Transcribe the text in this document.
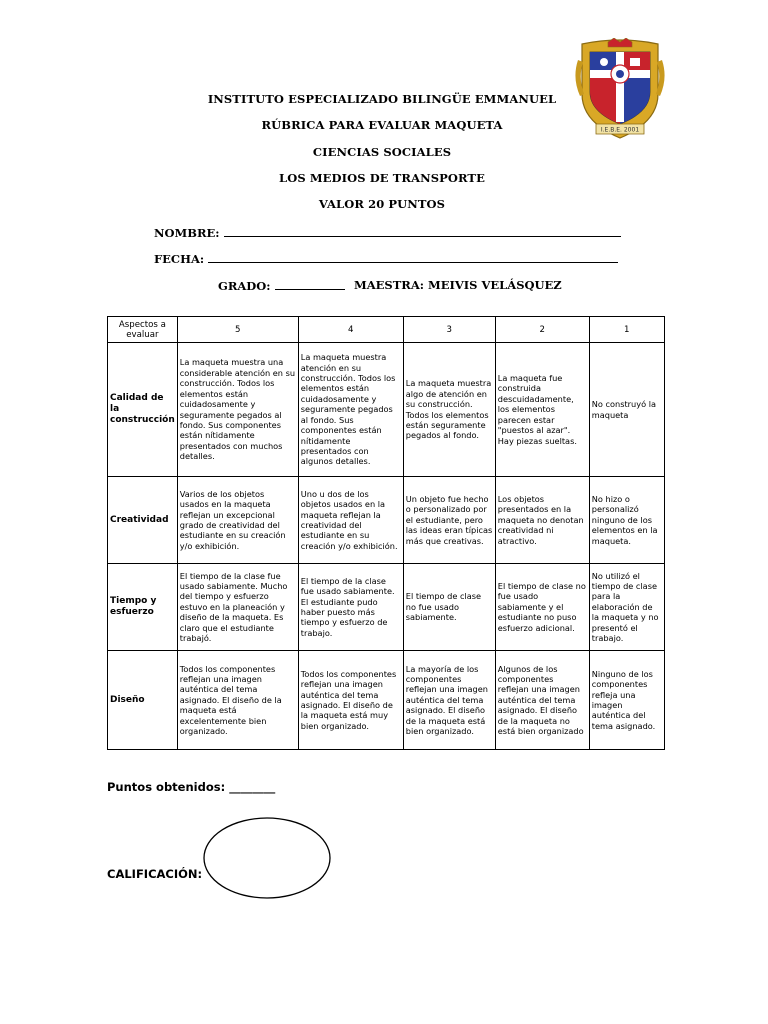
I.E.B.E. 2001
INSTITUTO ESPECIALIZADO BILINGÜE EMMANUEL
RÚBRICA PARA EVALUAR MAQUETA
CIENCIAS SOCIALES
LOS MEDIOS DE TRANSPORTE
VALOR 20 PUNTOS
NOMBRE:
FECHA:
GRADO:	MAESTRA: MEIVIS VELÁSQUEZ
Aspectos a evaluar	5	4	3	2	1
Calidad de la construcción	La maqueta muestra una considerable atención en su construcción. Todos los elementos están cuidadosamente y seguramente pegados al fondo. Sus componentes están nítidamente presentados con muchos detalles.	La maqueta muestra atención en su construcción. Todos los elementos están cuidadosamente y seguramente pegados al fondo. Sus componentes están nítidamente presentados con algunos detalles.	La maqueta muestra algo de atención en su construcción. Todos los elementos están seguramente pegados al fondo.	La maqueta fue construida descuidadamente, los elementos parecen estar "puestos al azar". Hay piezas sueltas.	No construyó la maqueta
Creatividad	Varios de los objetos usados en la maqueta reflejan un excepcional grado de creatividad del estudiante en su creación y/o exhibición.	Uno u dos de los objetos usados en la maqueta reflejan la creatividad del estudiante en su creación y/o exhibición.	Un objeto fue hecho o personalizado por el estudiante, pero las ideas eran típicas más que creativas.	Los objetos presentados en la maqueta no denotan creatividad ni atractivo.	No hizo o personalizó ninguno de los elementos en la maqueta.
Tiempo y esfuerzo	El tiempo de la clase fue usado sabiamente. Mucho del tiempo y esfuerzo estuvo en la planeación y diseño de la maqueta. Es claro que el estudiante trabajó.	El tiempo de la clase fue usado sabiamente. El estudiante pudo haber puesto más tiempo y esfuerzo de trabajo.	El tiempo de clase no fue usado sabiamente.	El tiempo de clase no fue usado sabiamente y el estudiante no puso esfuerzo adicional.	No utilizó el tiempo de clase para la elaboración de la maqueta y no presentó el trabajo.
Diseño	Todos los componentes reflejan una imagen auténtica del tema asignado. El diseño de la maqueta está excelentemente bien organizado.	Todos los componentes reflejan una imagen auténtica del tema asignado. El diseño de la maqueta está muy bien organizado.	La mayoría de los componentes reflejan una imagen auténtica del tema asignado. El diseño de la maqueta está bien organizado.	Algunos de los componentes reflejan una imagen auténtica del tema asignado. El diseño de la maqueta no está bien organizado	Ninguno de los componentes refleja una imagen auténtica del tema asignado.
Puntos obtenidos: ________
CALIFICACIÓN:
